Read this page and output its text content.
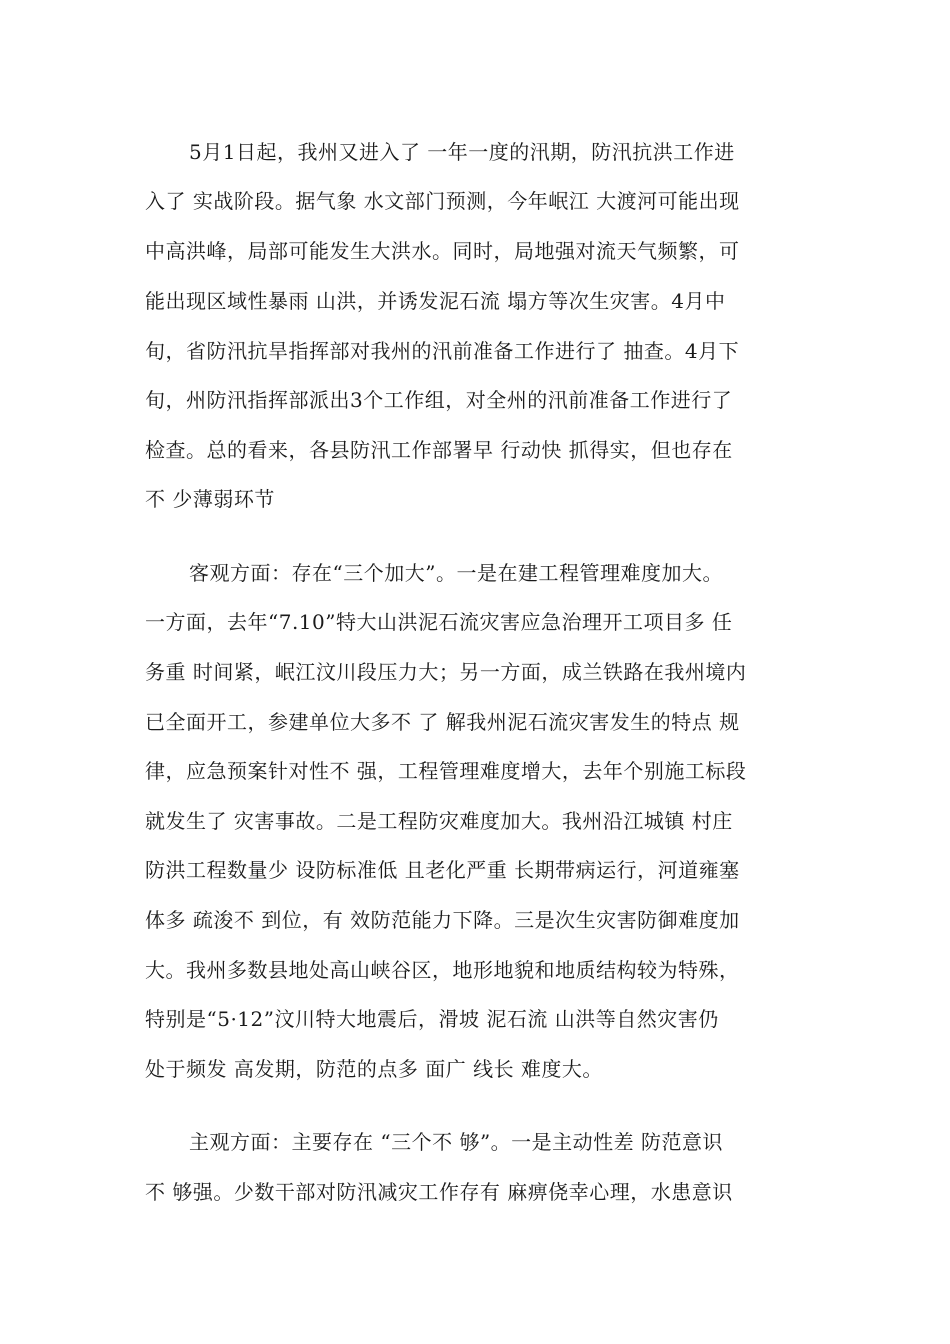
5月1日起，我州又进入了 一年一度的汛期，防汛抗洪工作进
入了 实战阶段。据气象 水文部门预测，今年岷江 大渡河可能出现
中高洪峰，局部可能发生大洪水。同时，局地强对流天气频繁，可
能出现区域性暴雨 山洪，并诱发泥石流 塌方等次生灾害。4月中
旬，省防汛抗旱指挥部对我州的汛前准备工作进行了 抽查。4月下
旬，州防汛指挥部派出3个工作组，对全州的汛前准备工作进行了
检查。总的看来，各县防汛工作部署早 行动快 抓得实，但也存在
不 少薄弱环节
客观方面：存在“三个加大”。一是在建工程管理难度加大。
一方面，去年“7.10”特大山洪泥石流灾害应急治理开工项目多 任
务重 时间紧，岷江汶川段压力大；另一方面，成兰铁路在我州境内
已全面开工，参建单位大多不 了 解我州泥石流灾害发生的特点 规
律，应急预案针对性不 强，工程管理难度增大，去年个别施工标段
就发生了 灾害事故。二是工程防灾难度加大。我州沿江城镇 村庄
防洪工程数量少 设防标准低 且老化严重 长期带病运行，河道雍塞
体多 疏浚不 到位，有 效防范能力下降。三是次生灾害防御难度加
大。我州多数县地处高山峡谷区，地形地貌和地质结构较为特殊，
特别是“5·12”汶川特大地震后，滑坡 泥石流 山洪等自然灾害仍
处于频发 高发期，防范的点多 面广 线长 难度大。
主观方面：主要存在 “三个不 够”。一是主动性差 防范意识
不 够强。少数干部对防汛减灾工作存有 麻痹侥幸心理，水患意识
